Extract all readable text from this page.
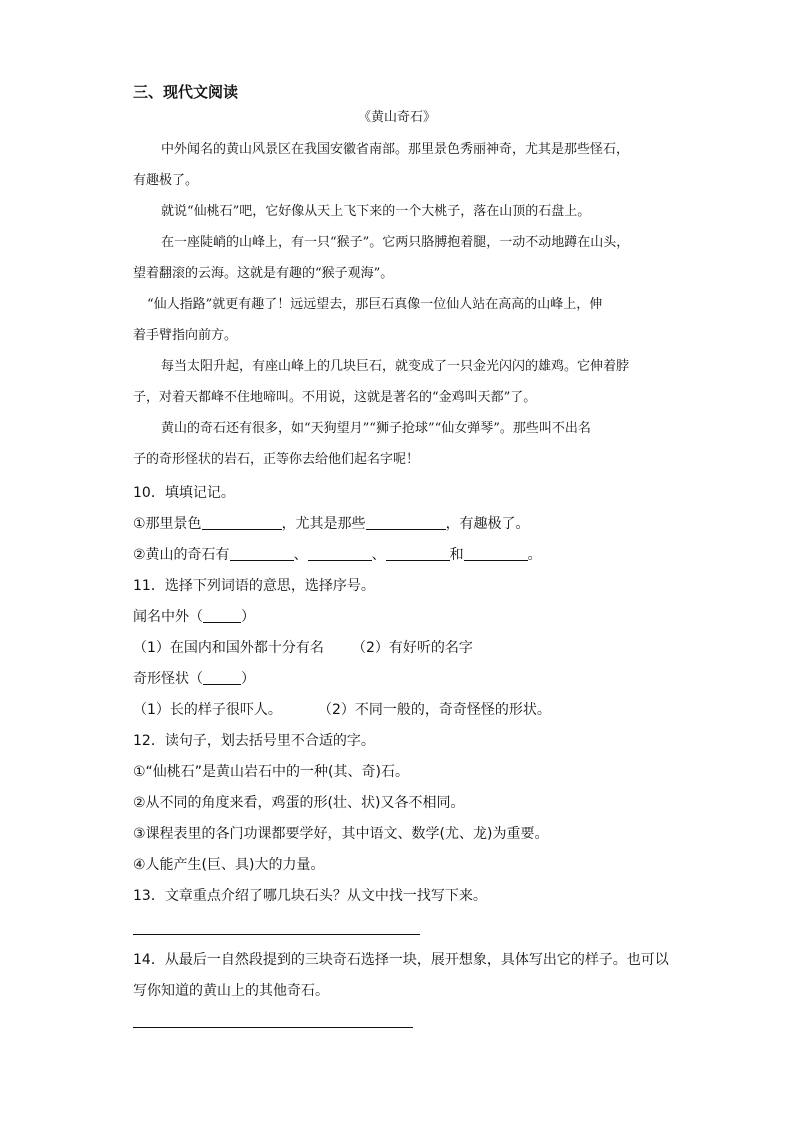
三、现代文阅读
《黄山奇石》
中外闻名的黄山风景区在我国安徽省南部。那里景色秀丽神奇，尤其是那些怪石，
有趣极了。
就说“仙桃石”吧，它好像从天上飞下来的一个大桃子，落在山顶的石盘上。
在一座陡峭的山峰上，有一只“猴子”。它两只胳膊抱着腿，一动不动地蹲在山头，
望着翻滚的云海。这就是有趣的“猴子观海”。
“仙人指路”就更有趣了！远远望去，那巨石真像一位仙人站在高高的山峰上，伸
着手臂指向前方。
每当太阳升起，有座山峰上的几块巨石，就变成了一只金光闪闪的雄鸡。它伸着脖
子，对着天都峰不住地啼叫。不用说，这就是著名的“金鸡叫天都”了。
黄山的奇石还有很多，如“天狗望月”“狮子抢球”“仙女弹琴”。那些叫不出名
子的奇形怪状的岩石，正等你去给他们起名字呢！
10．填填记记。
①那里景色	，尤其是那些	，有趣极了。
②黄山的奇石有	、	、	和	。
11．选择下列词语的意思，选择序号。
闻名中外（	）
（1）在国内和国外都十分有名 （2）有好听的名字
奇形怪状（	）
（1）长的样子很吓人。	（2）不同一般的，奇奇怪怪的形状。
12．读句子，划去括号里不合适的字。
①“仙桃石”是黄山岩石中的一种(其、奇)石。
②从不同的角度来看，鸡蛋的形(壮、状)又各不相同。
③课程表里的各门功课都要学好，其中语文、数学(尤、龙)为重要。
④人能产生(巨、具)大的力量。
13．文章重点介绍了哪几块石头？从文中找一找写下来。
14．从最后一自然段提到的三块奇石选择一块，展开想象，具体写出它的样子。也可以
写你知道的黄山上的其他奇石。
